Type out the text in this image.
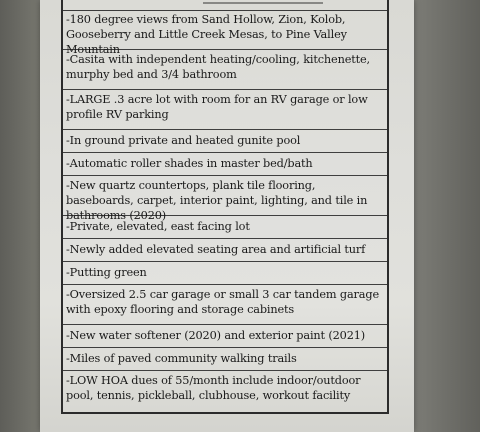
-180 degree views from Sand Hollow, Zion, Kolob, Gooseberry and Little Creek Mesas, to Pine Valley Mountain
-Casita with independent heating/cooling, kitchenette, murphy bed and 3/4 bathroom
-LARGE .3 acre lot with room for an RV garage or low profile RV parking
-In ground private and heated gunite pool
-Automatic roller shades in master bed/bath
-New quartz countertops, plank tile flooring, baseboards, carpet, interior paint, lighting, and tile in bathrooms (2020)
-Private, elevated, east facing lot
-Newly added elevated seating area and artificial turf
-Putting green
-Oversized 2.5 car garage or small 3 car tandem garage with epoxy flooring and storage cabinets
-New water softener (2020) and exterior paint (2021)
-Miles of paved community walking trails
-LOW HOA dues of 55/month include indoor/outdoor pool, tennis, pickleball, clubhouse, workout facility
